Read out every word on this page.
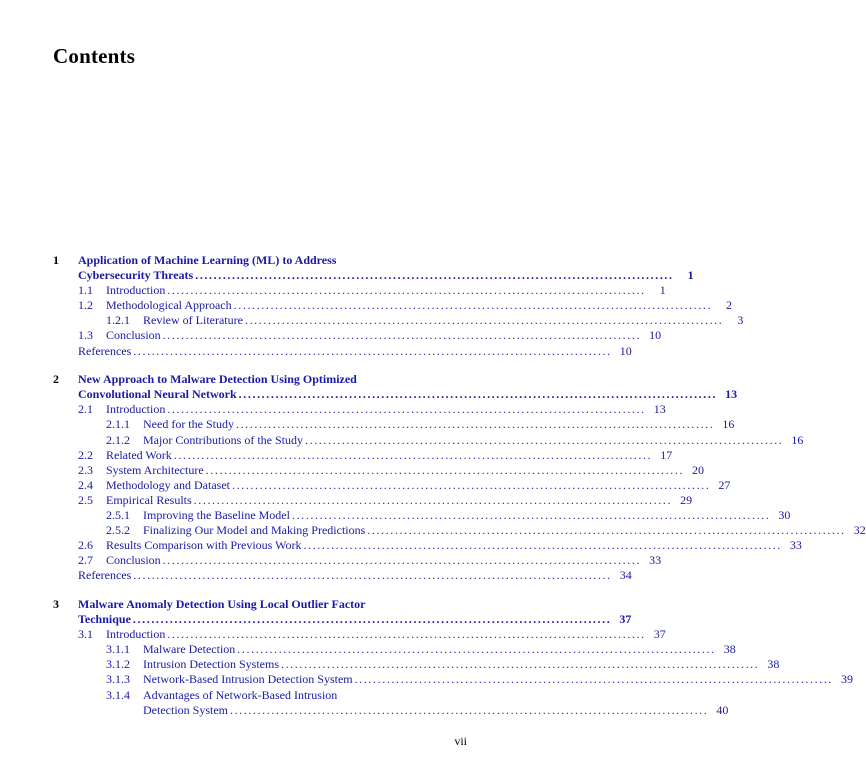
Contents
1 Application of Machine Learning (ML) to Address
Cybersecurity Threats ........................................................................................................	1
1.1 Introduction ........................................................................................................	1
1.2 Methodological Approach ........................................................................................................	2
1.2.1 Review of Literature ........................................................................................................	3
1.3 Conclusion ........................................................................................................ 10
References ........................................................................................................ 10
2 New Approach to Malware Detection Using Optimized
Convolutional Neural Network ........................................................................................................ 13
2.1 Introduction ........................................................................................................ 13
2.1.1 Need for the Study ........................................................................................................ 16
2.1.2 Major Contributions of the Study ........................................................................................................ 16
2.2 Related Work ........................................................................................................ 17
2.3 System Architecture ........................................................................................................ 20
2.4 Methodology and Dataset ........................................................................................................ 27
2.5 Empirical Results ........................................................................................................ 29
2.5.1 Improving the Baseline Model ........................................................................................................ 30
2.5.2 Finalizing Our Model and Making Predictions ........................................................................................................ 32
2.6 Results Comparison with Previous Work ........................................................................................................ 33
2.7 Conclusion ........................................................................................................ 33
References ........................................................................................................ 34
3 Malware Anomaly Detection Using Local Outlier Factor
Technique ........................................................................................................ 37
3.1 Introduction ........................................................................................................ 37
3.1.1 Malware Detection ........................................................................................................ 38
3.1.2 Intrusion Detection Systems ........................................................................................................ 38
3.1.3 Network-Based Intrusion Detection System ........................................................................................................ 39
3.1.4 Advantages of Network-Based Intrusion
Detection System ........................................................................................................ 40
vii
